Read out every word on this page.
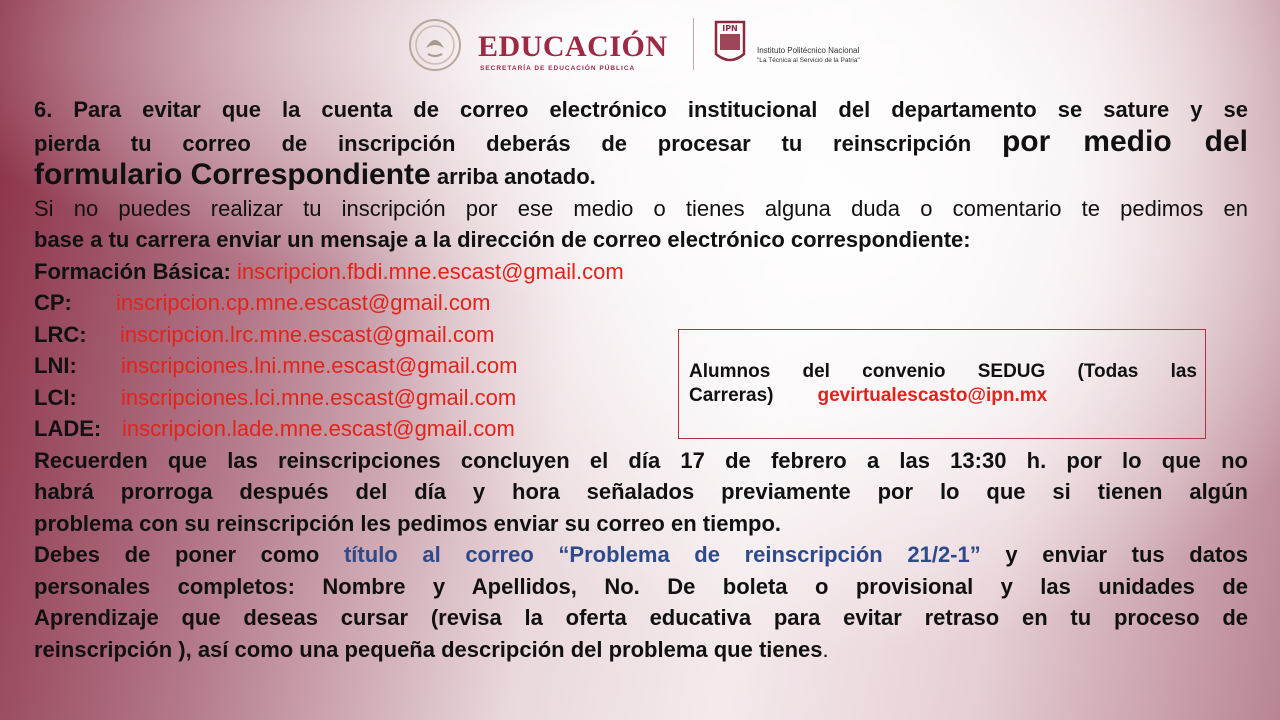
EDUCACIÓN
SECRETARÍA DE EDUCACIÓN PÚBLICA
IPN
Instituto Politécnico Nacional
"La Técnica al Servicio de la Patria"

6. Para evitar que la cuenta de correo electrónico institucional del departamento se sature y se

pierda tu correo de inscripción deberás de procesar tu reinscripción por medio del

formulario Correspondiente arriba anotado.

Si no puedes realizar tu inscripción por ese medio o tienes alguna duda o comentario te pedimos en

base a tu carrera enviar un mensaje a la dirección de correo electrónico correspondiente:

Formación Básica: inscripcion.fbdi.mne.escast@gmail.com

CP: inscripcion.cp.mne.escast@gmail.com

LRC: inscripcion.lrc.mne.escast@gmail.com

LNI: inscripciones.lni.mne.escast@gmail.com

LCI: inscripciones.lci.mne.escast@gmail.com

LADE: inscripcion.lade.mne.escast@gmail.com

Recuerden que las reinscripciones concluyen el día 17 de febrero a las 13:30 h. por lo que no

habrá prorroga después del día y hora señalados previamente por lo que si tienen algún

problema con su reinscripción les pedimos enviar su correo en tiempo.

Debes de poner como título al correo “Problema de reinscripción 21/2-1” y enviar tus datos

personales completos: Nombre y Apellidos, No. De boleta o provisional y las unidades de

Aprendizaje que deseas cursar (revisa la oferta educativa para evitar retraso en tu proceso de

reinscripción ), así como una pequeña descripción del problema que tienes.

Alumnos del convenio SEDUG (Todas las
Carreras) gevirtualescasto@ipn.mx
